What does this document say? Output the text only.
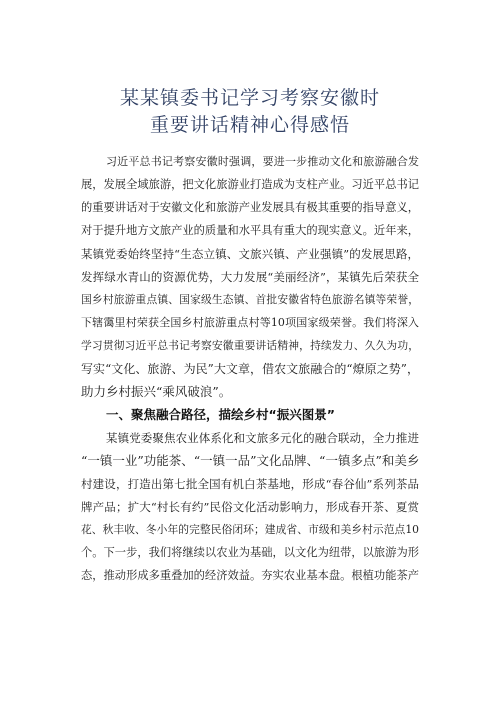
某某镇委书记学习考察安徽时
重要讲话精神心得感悟
习近平总书记考察安徽时强调，要进一步推动文化和旅游融合发
展，发展全域旅游，把文化旅游业打造成为支柱产业。习近平总书记
的重要讲话对于安徽文化和旅游产业发展具有极其重要的指导意义，
对于提升地方文旅产业的质量和水平具有重大的现实意义。近年来，
某镇党委始终坚持“生态立镇、文旅兴镇、产业强镇”的发展思路，
发挥绿水青山的资源优势，大力发展“美丽经济”，某镇先后荣获全
国乡村旅游重点镇、国家级生态镇、首批安徽省特色旅游名镇等荣誉，
下辖霭里村荣获全国乡村旅游重点村等10项国家级荣誉。我们将深入
学习贯彻习近平总书记考察安徽重要讲话精神，持续发力、久久为功，
写实“文化、旅游、为民”大文章，借农文旅融合的“燎原之势”，
助力乡村振兴“乘风破浪”。
一、聚焦融合路径，描绘乡村“振兴图景”
某镇党委聚焦农业体系化和文旅多元化的融合联动，全力推进
“一镇一业”功能茶、“一镇一品”文化品牌、“一镇多点”和美乡
村建设，打造出第七批全国有机白茶基地，形成“春谷仙”系列茶品
牌产品；扩大“村长有约”民俗文化活动影响力，形成春开茶、夏赏
花、秋丰收、冬小年的完整民俗闭环；建成省、市级和美乡村示范点10
个。下一步，我们将继续以农业为基础，以文化为纽带，以旅游为形
态，推动形成多重叠加的经济效益。夯实农业基本盘。根植功能茶产
